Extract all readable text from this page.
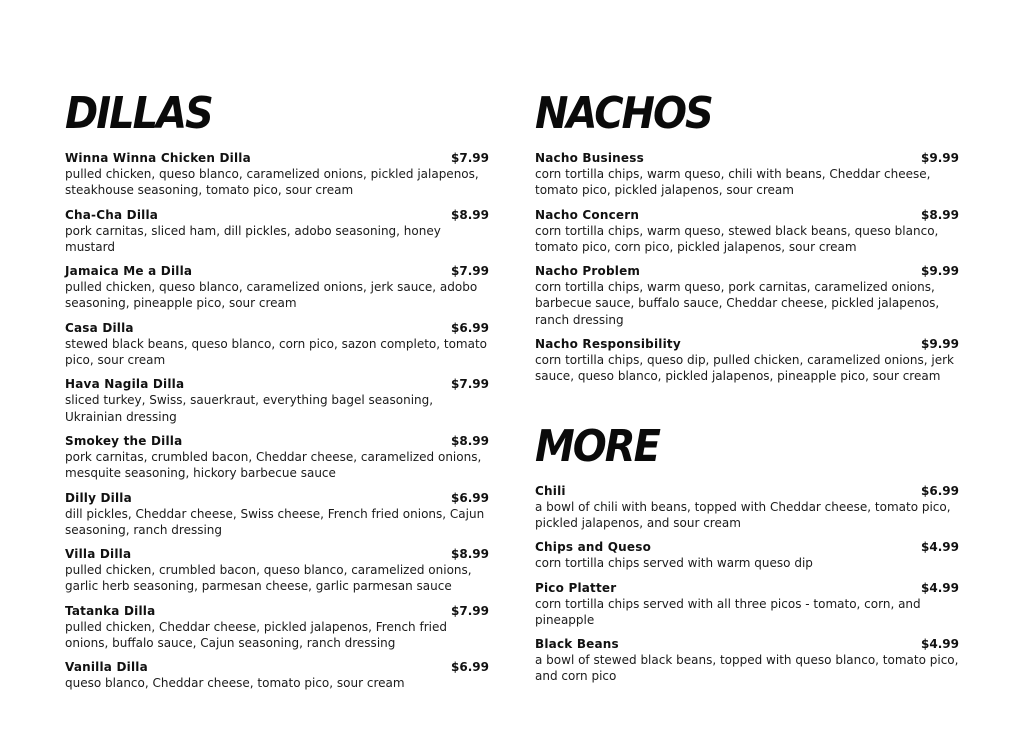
DILLAS
Winna Winna Chicken Dilla	$7.99
pulled chicken, queso blanco, caramelized onions, pickled jalapenos, steakhouse seasoning, tomato pico, sour cream
Cha-Cha Dilla	$8.99
pork carnitas, sliced ham, dill pickles, adobo seasoning, honey mustard
Jamaica Me a Dilla	$7.99
pulled chicken, queso blanco, caramelized onions, jerk sauce, adobo seasoning, pineapple pico, sour cream
Casa Dilla	$6.99
stewed black beans, queso blanco, corn pico, sazon completo, tomato pico, sour cream
Hava Nagila Dilla	$7.99
sliced turkey, Swiss, sauerkraut, everything bagel seasoning, Ukrainian dressing
Smokey the Dilla	$8.99
pork carnitas, crumbled bacon, Cheddar cheese, caramelized onions, mesquite seasoning, hickory barbecue sauce
Dilly Dilla	$6.99
dill pickles, Cheddar cheese, Swiss cheese, French fried onions, Cajun seasoning, ranch dressing
Villa Dilla	$8.99
pulled chicken, crumbled bacon, queso blanco, caramelized onions, garlic herb seasoning, parmesan cheese, garlic parmesan sauce
Tatanka Dilla	$7.99
pulled chicken, Cheddar cheese, pickled jalapenos, French fried onions, buffalo sauce, Cajun seasoning, ranch dressing
Vanilla Dilla	$6.99
queso blanco, Cheddar cheese, tomato pico, sour cream
NACHOS
Nacho Business	$9.99
corn tortilla chips, warm queso, chili with beans, Cheddar cheese, tomato pico, pickled jalapenos, sour cream
Nacho Concern	$8.99
corn tortilla chips, warm queso, stewed black beans, queso blanco, tomato pico, corn pico, pickled jalapenos, sour cream
Nacho Problem	$9.99
corn tortilla chips, warm queso, pork carnitas, caramelized onions, barbecue sauce, buffalo sauce, Cheddar cheese, pickled jalapenos, ranch dressing
Nacho Responsibility	$9.99
corn tortilla chips, queso dip, pulled chicken, caramelized onions, jerk sauce, queso blanco, pickled jalapenos, pineapple pico, sour cream
MORE
Chili	$6.99
a bowl of chili with beans, topped with Cheddar cheese, tomato pico, pickled jalapenos, and sour cream
Chips and Queso	$4.99
corn tortilla chips served with warm queso dip
Pico Platter	$4.99
corn tortilla chips served with all three picos - tomato, corn, and pineapple
Black Beans	$4.99
a bowl of stewed black beans, topped with queso blanco, tomato pico, and corn pico
